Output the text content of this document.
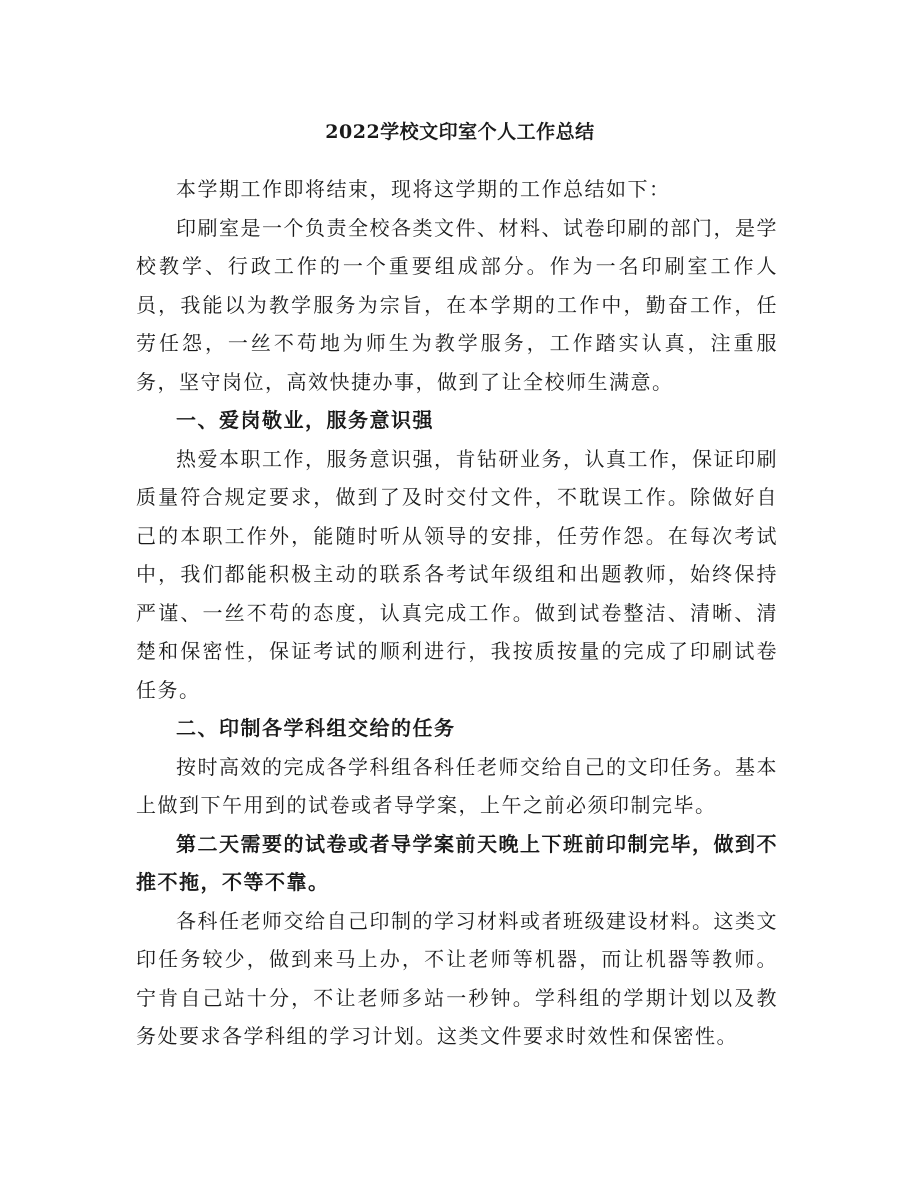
2022学校文印室个人工作总结

本学期工作即将结束，现将这学期的工作总结如下：

印刷室是一个负责全校各类文件、材料、试卷印刷的部门，是学校教学、行政工作的一个重要组成部分。作为一名印刷室工作人员，我能以为教学服务为宗旨，在本学期的工作中，勤奋工作，任劳任怨，一丝不苟地为师生为教学服务，工作踏实认真，注重服务，坚守岗位，高效快捷办事，做到了让全校师生满意。

一、爱岗敬业，服务意识强

热爱本职工作，服务意识强，肯钻研业务，认真工作，保证印刷质量符合规定要求，做到了及时交付文件，不耽误工作。除做好自己的本职工作外，能随时听从领导的安排，任劳作怨。在每次考试中，我们都能积极主动的联系各考试年级组和出题教师，始终保持严谨、一丝不苟的态度，认真完成工作。做到试卷整洁、清晰、清楚和保密性，保证考试的顺利进行，我按质按量的完成了印刷试卷任务。

二、印制各学科组交给的任务

按时高效的完成各学科组各科任老师交给自己的文印任务。基本上做到下午用到的试卷或者导学案，上午之前必须印制完毕。

第二天需要的试卷或者导学案前天晚上下班前印制完毕，做到不推不拖，不等不靠。

各科任老师交给自己印制的学习材料或者班级建设材料。这类文印任务较少，做到来马上办，不让老师等机器，而让机器等教师。宁肯自己站十分，不让老师多站一秒钟。学科组的学期计划以及教务处要求各学科组的学习计划。这类文件要求时效性和保密性。
